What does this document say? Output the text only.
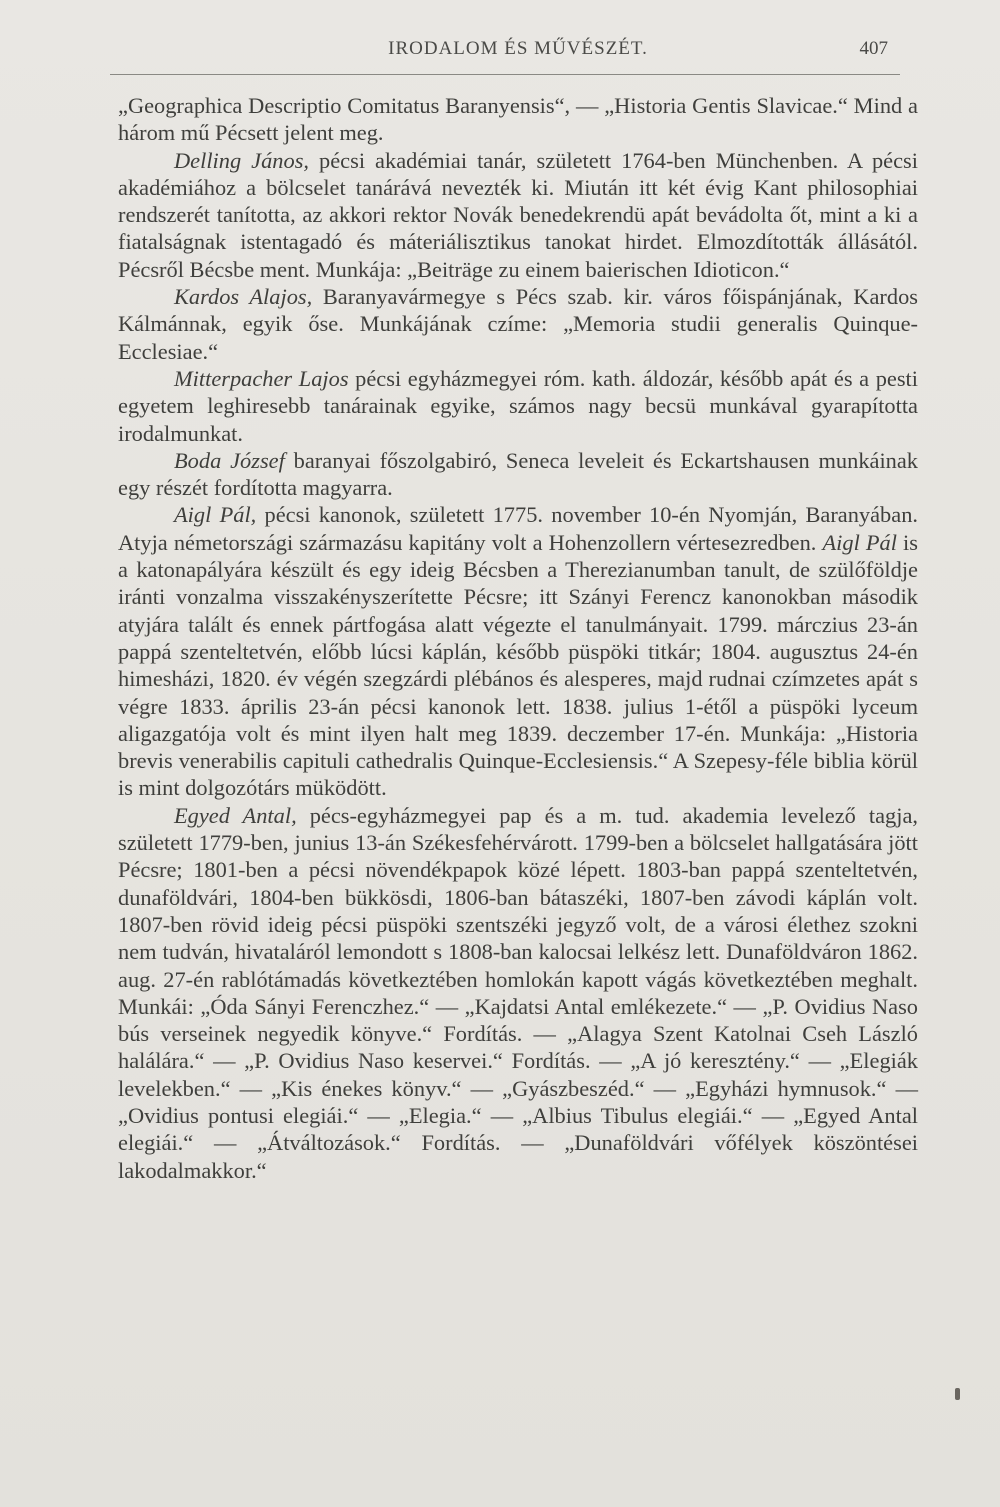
IRODALOM ÉS MŰVÉSZÉT.	407

„Geographica Descriptio Comitatus Baranyensis“, — „Historia Gentis Slavicae.“ Mind a három mű Pécsett jelent meg.

Delling János, pécsi akadémiai tanár, született 1764-ben Münchenben. A pécsi akadémiához a bölcselet tanárává nevezték ki. Miután itt két évig Kant philosophiai rendszerét tanította, az akkori rektor Novák benedekrendü apát bevádolta őt, mint a ki a fiatalságnak istentagadó és máteriálisztikus tanokat hirdet. Elmozdították állásától. Pécsről Bécsbe ment. Munkája: „Beiträge zu einem baierischen Idioticon.“

Kardos Alajos, Baranyavármegye s Pécs szab. kir. város főispánjának, Kardos Kálmánnak, egyik őse. Munkájának czíme: „Memoria studii generalis Quinque-Ecclesiae.“

Mitterpacher Lajos pécsi egyházmegyei róm. kath. áldozár, később apát és a pesti egyetem leghiresebb tanárainak egyike, számos nagy becsü munkával gyarapította irodalmunkat.

Boda József baranyai főszolgabiró, Seneca leveleit és Eckartshausen munkáinak egy részét fordította magyarra.

Aigl Pál, pécsi kanonok, született 1775. november 10-én Nyomján, Baranyában. Atyja németországi származásu kapitány volt a Hohenzollern vértesezredben. Aigl Pál is a katonapályára készült és egy ideig Bécsben a Therezianumban tanult, de szülőföldje iránti vonzalma visszakényszerítette Pécsre; itt Szányi Ferencz kanonokban második atyjára talált és ennek pártfogása alatt végezte el tanulmányait. 1799. márczius 23-án pappá szenteltetvén, előbb lúcsi káplán, később püspöki titkár; 1804. augusztus 24-én himesházi, 1820. év végén szegzárdi plébános és alesperes, majd rudnai czímzetes apát s végre 1833. április 23-án pécsi kanonok lett. 1838. julius 1-étől a püspöki lyceum aligazgatója volt és mint ilyen halt meg 1839. deczember 17-én. Munkája: „Historia brevis venerabilis capituli cathedralis Quinque-Ecclesiensis.“ A Szepesy-féle biblia körül is mint dolgozótárs müködött.

Egyed Antal, pécs-egyházmegyei pap és a m. tud. akademia levelező tagja, született 1779-ben, junius 13-án Székesfehérvárott. 1799-ben a bölcselet hallgatására jött Pécsre; 1801-ben a pécsi növendékpapok közé lépett. 1803-ban pappá szenteltetvén, dunaföldvári, 1804-ben bükkösdi, 1806-ban bátaszéki, 1807-ben závodi káplán volt. 1807-ben rövid ideig pécsi püspöki szentszéki jegyző volt, de a városi élethez szokni nem tudván, hivataláról lemondott s 1808-ban kalocsai lelkész lett. Dunaföldváron 1862. aug. 27-én rablótámadás következtében homlokán kapott vágás következtében meghalt. Munkái: „Óda Sányi Ferenczhez.“ — „Kajdatsi Antal emlékezete.“ — „P. Ovidius Naso bús verseinek negyedik könyve.“ Fordítás. — „Alagya Szent Katolnai Cseh László halálára.“ — „P. Ovidius Naso keservei.“ Fordítás. — „A jó keresztény.“ — „Elegiák levelekben.“ — „Kis énekes könyv.“ — „Gyászbeszéd.“ — „Egyházi hymnusok.“ — „Ovidius pontusi elegiái.“ — „Elegia.“ — „Albius Tibulus elegiái.“ — „Egyed Antal elegiái.“ — „Átváltozások.“ Fordítás. — „Dunaföldvári vőfélyek köszöntései lakodalmakkor.“
